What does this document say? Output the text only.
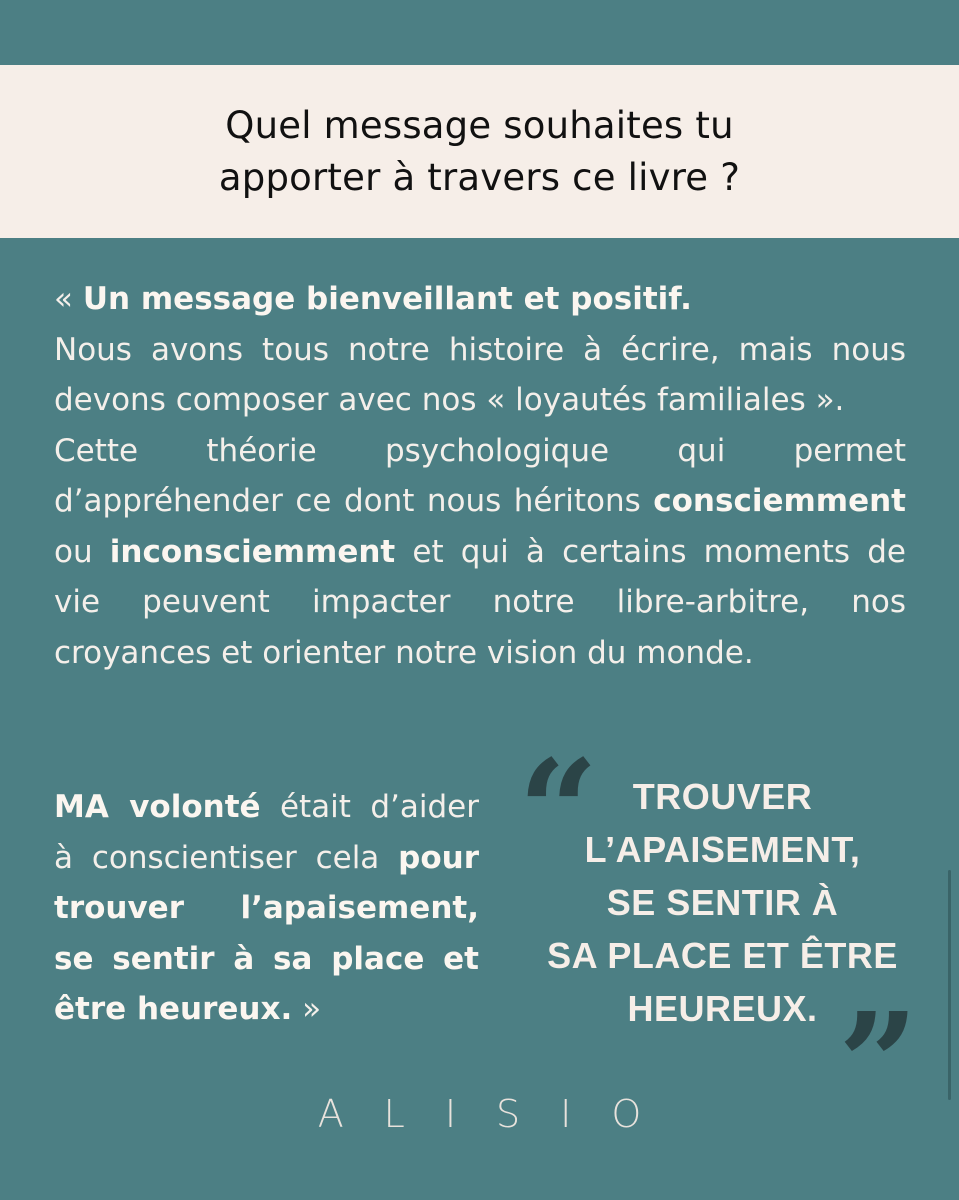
Quel message souhaites tu
apporter à travers ce livre ?

« Un message bienveillant et positif.

Nous avons tous notre histoire à écrire, mais nous devons composer avec nos « loyautés familiales ».

Cette théorie psychologique qui permet d’appréhender ce dont nous héritons consciemment ou inconsciemment et qui à certains moments de vie peuvent impacter notre libre-arbitre, nos croyances et orienter notre vision du monde.

MA volonté était d’aider à conscientiser cela pour trouver l’apaisement, se sentir à sa place et être heureux. »
“ TROUVER
L’APAISEMENT,
SE SENTIR À
SA PLACE ET ÊTRE
HEUREUX. ”
ALISIO
